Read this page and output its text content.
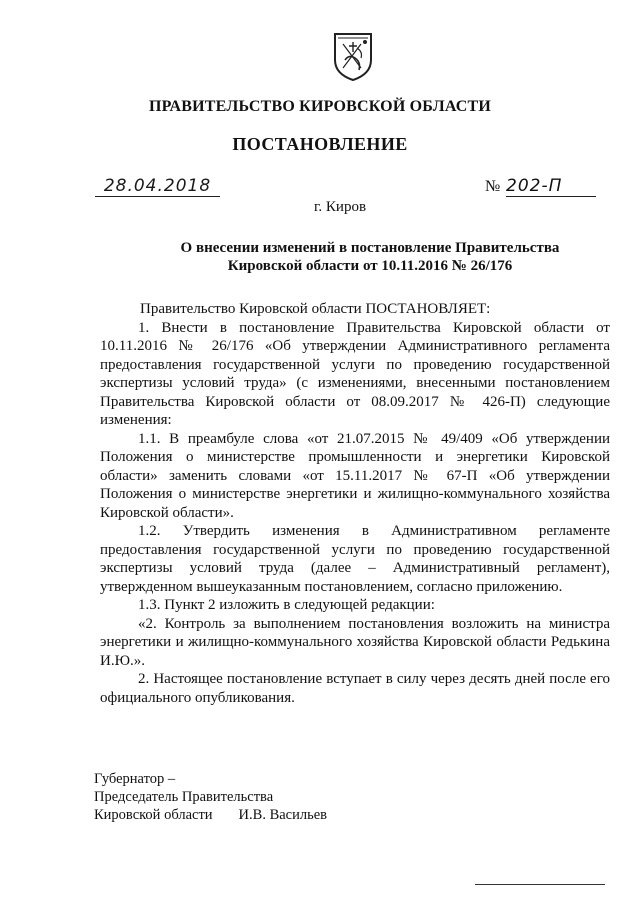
ПРАВИТЕЛЬСТВО КИРОВСКОЙ ОБЛАСТИ
ПОСТАНОВЛЕНИЕ
28.04.2018	№ 202-П
г. Киров
О внесении изменений в постановление Правительства
Кировской области от 10.11.2016 № 26/176

Правительство Кировской области ПОСТАНОВЛЯЕТ:

1. Внести в постановление Правительства Кировской области от 10.11.2016 № 26/176 «Об утверждении Административного регламента предоставления государственной услуги по проведению государственной экспертизы условий труда» (с изменениями, внесенными постановлением Правительства Кировской области от 08.09.2017 № 426-П) следующие изменения:

1.1. В преамбуле слова «от 21.07.2015 № 49/409 «Об утверждении Положения о министерстве промышленности и энергетики Кировской области» заменить словами «от 15.11.2017 № 67-П «Об утверждении Положения о министерстве энергетики и жилищно-коммунального хозяйства Кировской области».

1.2. Утвердить изменения в Административном регламенте предоставления государственной услуги по проведению государственной экспертизы условий труда (далее – Административный регламент), утвержденном вышеуказанным постановлением, согласно приложению.

1.3. Пункт 2 изложить в следующей редакции:

«2. Контроль за выполнением постановления возложить на министра энергетики и жилищно-коммунального хозяйства Кировской области Редькина И.Ю.».

2. Настоящее постановление вступает в силу через десять дней после его официального опубликования.

Губернатор –
Председатель Правительства
Кировской области И.В. Васильев
